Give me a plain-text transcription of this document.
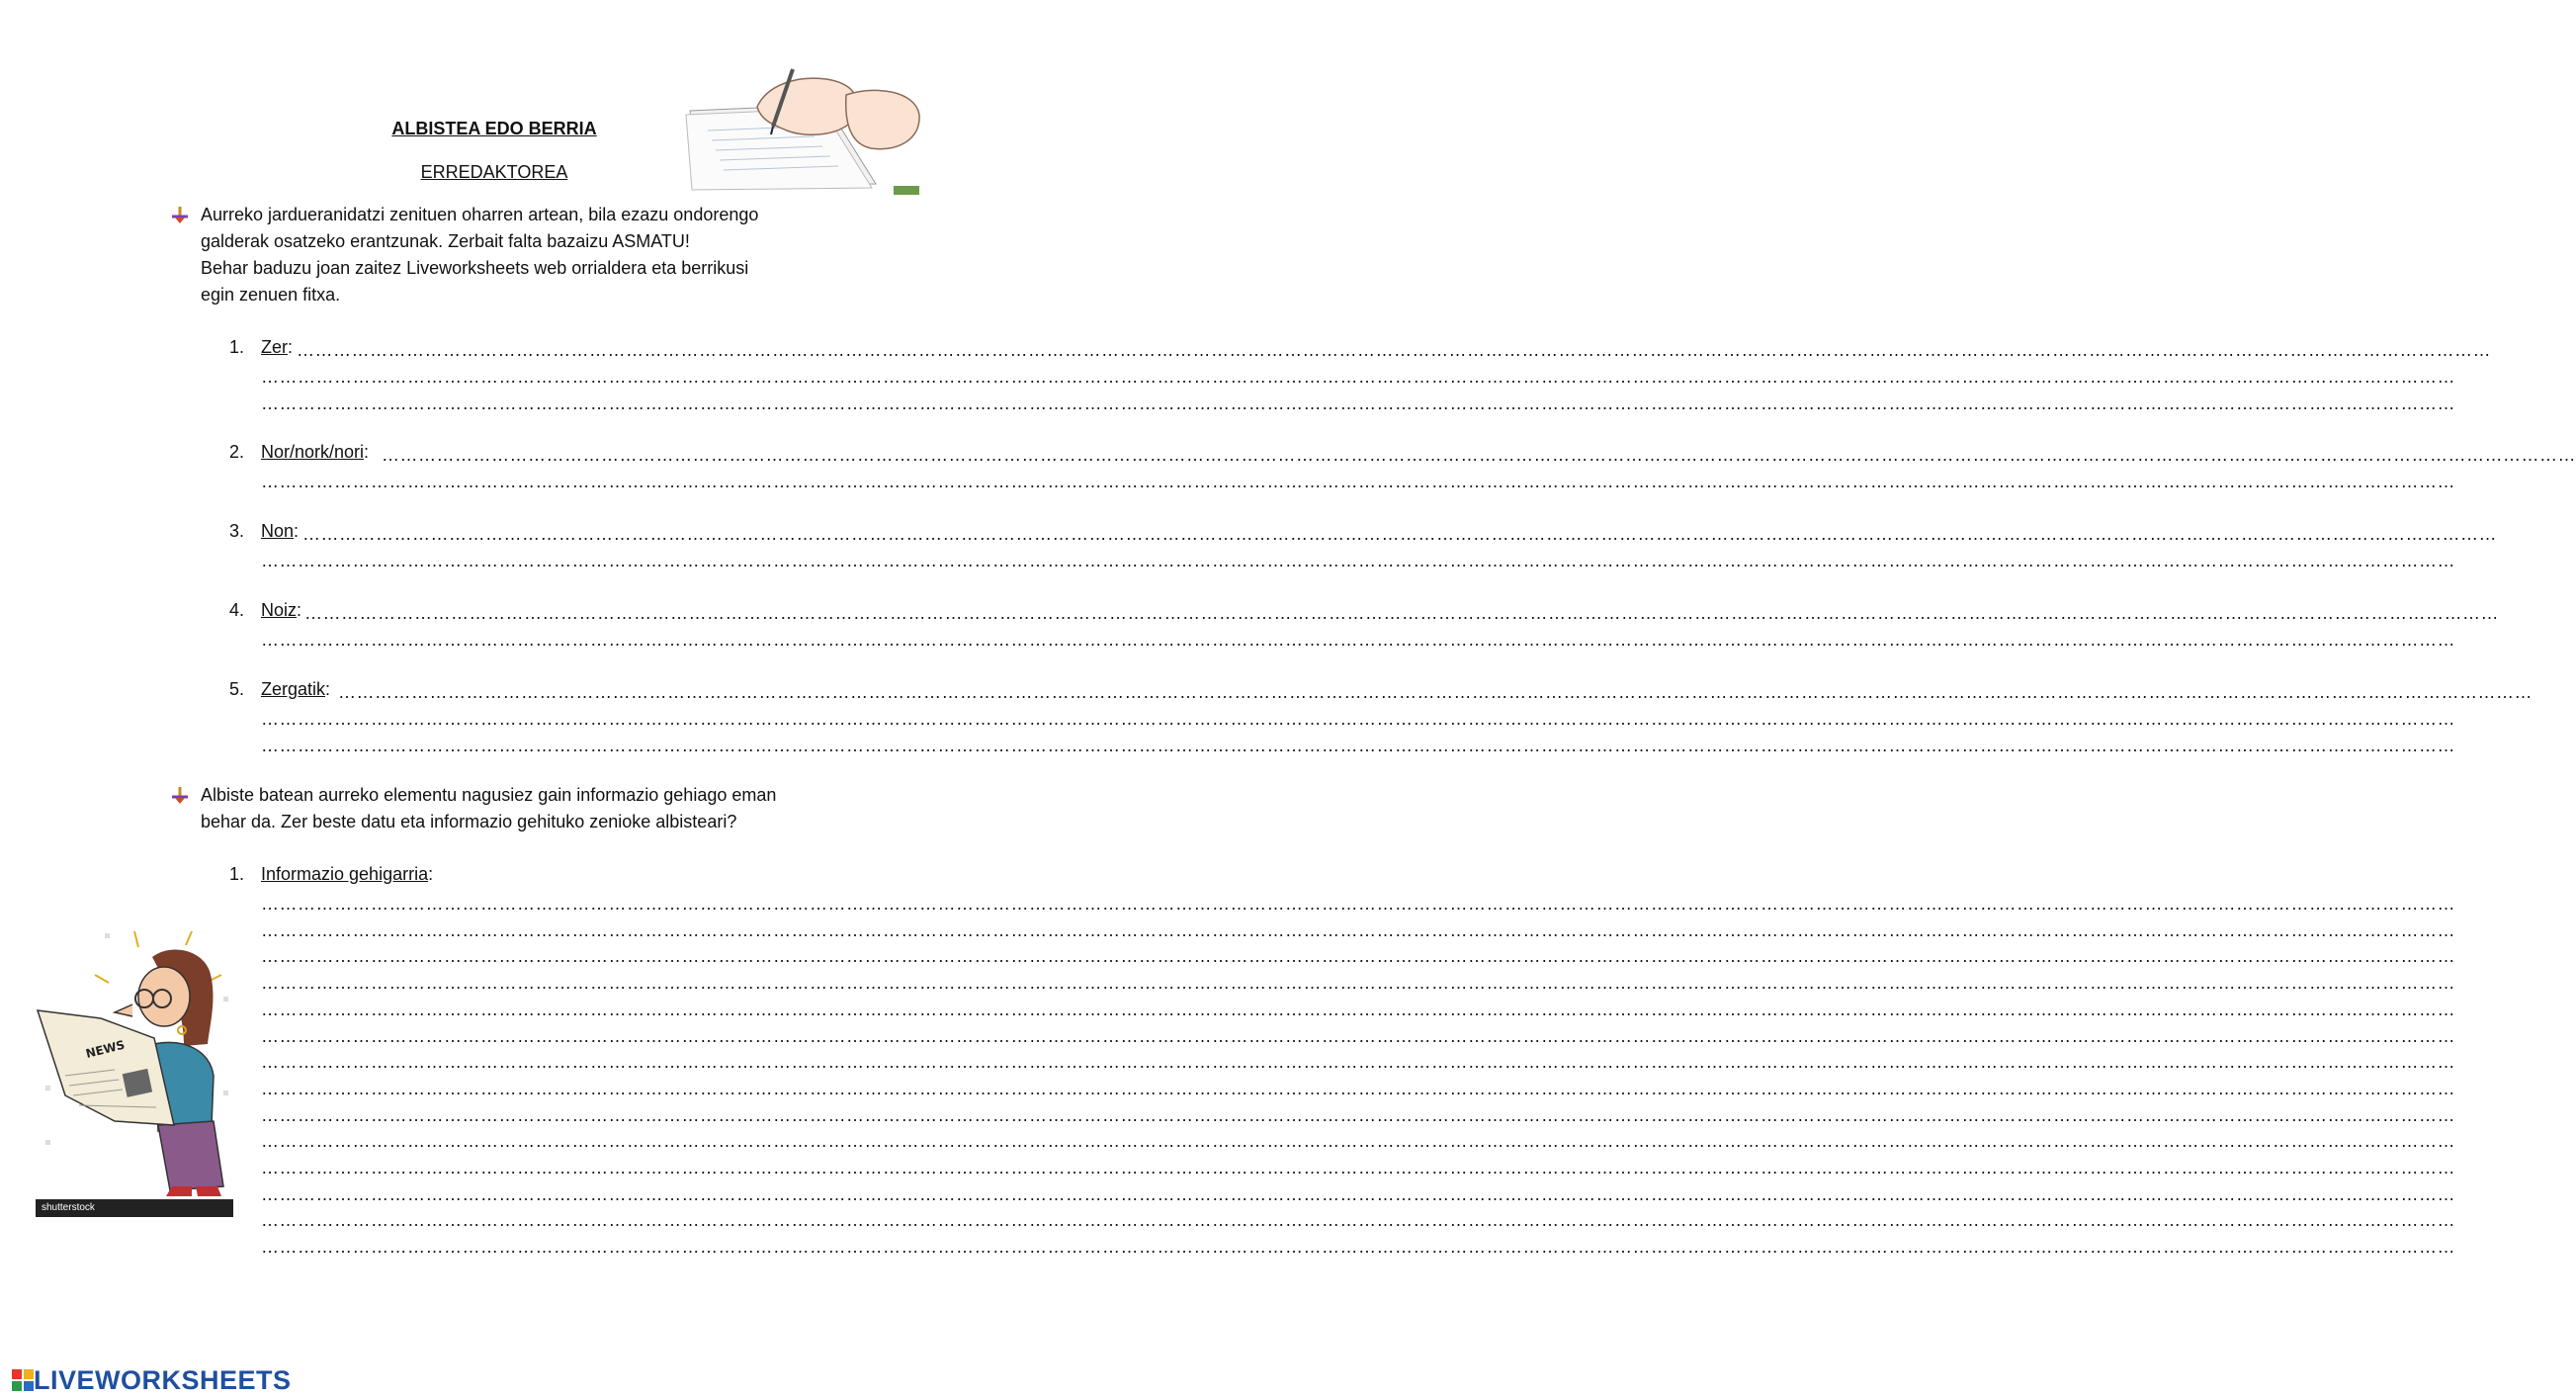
ALBISTEA EDO BERRIA
ERREDAKTOREA
Aurreko jardueranidatzi zenituen oharren artean, bila ezazu ondorengo
galderak osatzeko erantzunak. Zerbait falta bazaizu ASMATU!
Behar baduzu joan zaitez Liveworksheets web orrialdera eta berrikusi
egin zenuen fitxa.
1. Zer: ………………………………………………………………………………………………………………………………………………………………………………………………………………………………………………………………………………………………………………………………
………………………………………………………………………………………………………………………………………………………………………………………………………………………………………………………………………………………………………………………………
………………………………………………………………………………………………………………………………………………………………………………………………………………………………………………………………………………………………………………………………
2. Nor/nork/nori: ………………………………………………………………………………………………………………………………………………………………………………………………………………………………………………………………………………………………………………………………
………………………………………………………………………………………………………………………………………………………………………………………………………………………………………………………………………………………………………………………………
3. Non: ………………………………………………………………………………………………………………………………………………………………………………………………………………………………………………………………………………………………………………………………
………………………………………………………………………………………………………………………………………………………………………………………………………………………………………………………………………………………………………………………………
4. Noiz: ………………………………………………………………………………………………………………………………………………………………………………………………………………………………………………………………………………………………………………………………
………………………………………………………………………………………………………………………………………………………………………………………………………………………………………………………………………………………………………………………………
5. Zergatik: ………………………………………………………………………………………………………………………………………………………………………………………………………………………………………………………………………………………………………………………………
………………………………………………………………………………………………………………………………………………………………………………………………………………………………………………………………………………………………………………………………
………………………………………………………………………………………………………………………………………………………………………………………………………………………………………………………………………………………………………………………………
Albiste batean aurreko elementu nagusiez gain informazio gehiago eman
behar da. Zer beste datu eta informazio gehituko zenioke albisteari?
1. Informazio gehigarria:
………………………………………………………………………………………………………………………………………………………………………………………………………………………………………………………………………………………………………………………………
………………………………………………………………………………………………………………………………………………………………………………………………………………………………………………………………………………………………………………………………
………………………………………………………………………………………………………………………………………………………………………………………………………………………………………………………………………………………………………………………………
………………………………………………………………………………………………………………………………………………………………………………………………………………………………………………………………………………………………………………………………
………………………………………………………………………………………………………………………………………………………………………………………………………………………………………………………………………………………………………………………………
………………………………………………………………………………………………………………………………………………………………………………………………………………………………………………………………………………………………………………………………
………………………………………………………………………………………………………………………………………………………………………………………………………………………………………………………………………………………………………………………………
………………………………………………………………………………………………………………………………………………………………………………………………………………………………………………………………………………………………………………………………
………………………………………………………………………………………………………………………………………………………………………………………………………………………………………………………………………………………………………………………………
………………………………………………………………………………………………………………………………………………………………………………………………………………………………………………………………………………………………………………………………
………………………………………………………………………………………………………………………………………………………………………………………………………………………………………………………………………………………………………………………………
………………………………………………………………………………………………………………………………………………………………………………………………………………………………………………………………………………………………………………………………
………………………………………………………………………………………………………………………………………………………………………………………………………………………………………………………………………………………………………………………………
………………………………………………………………………………………………………………………………………………………………………………………………………………………………………………………………………………………………………………………………
NEWS
shutterstock
LIVEWORKSHEETS
